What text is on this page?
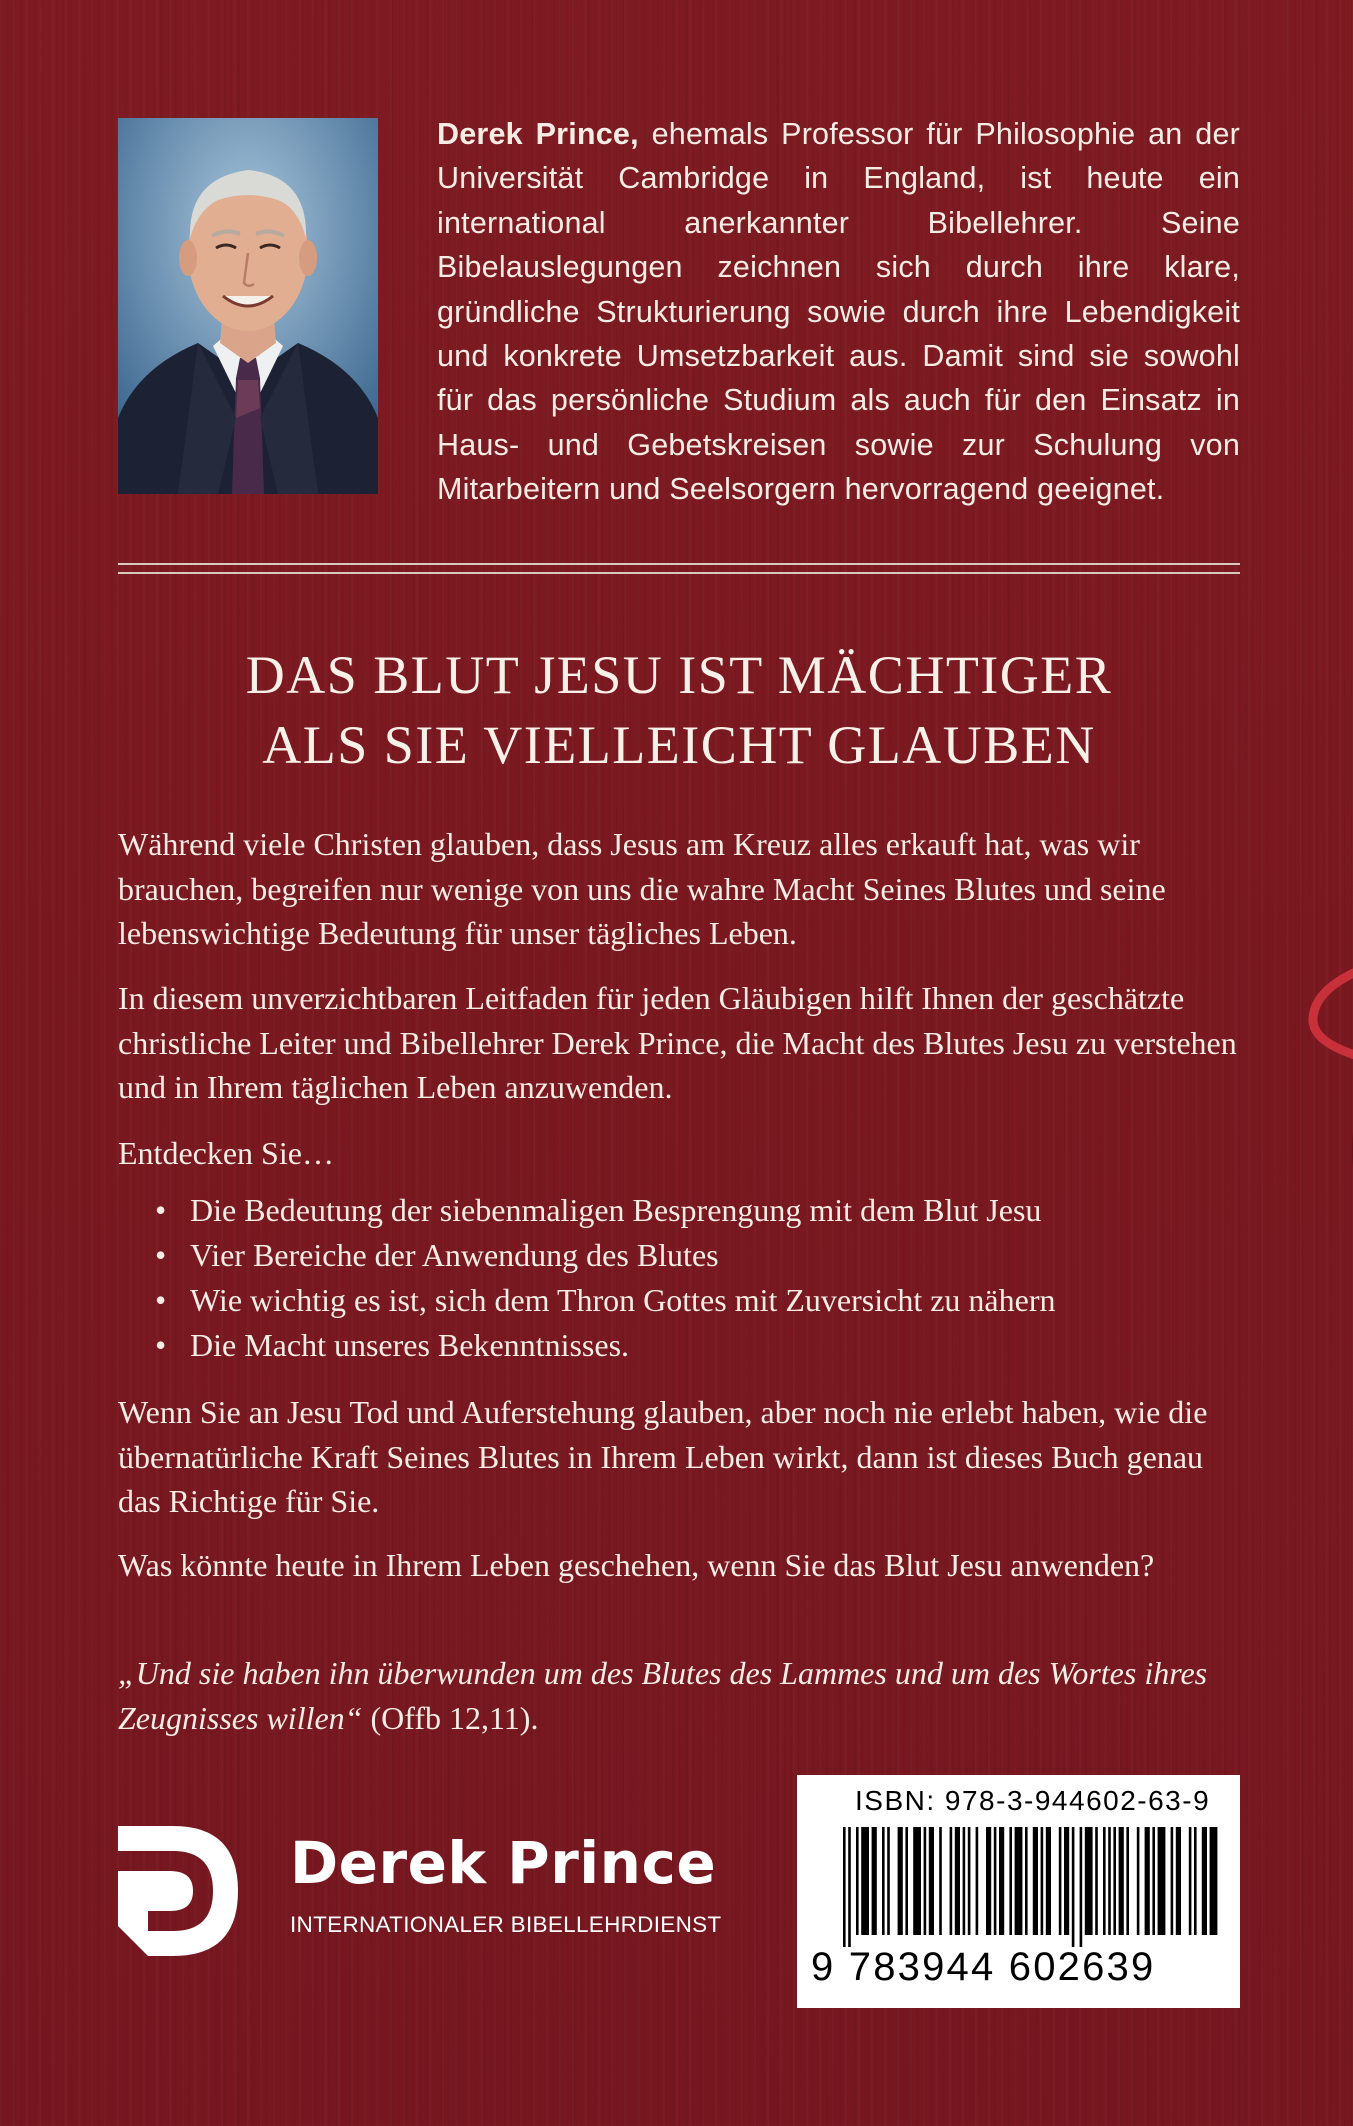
Derek Prince, ehemals Professor für Philosophie an der Universität Cambridge in England, ist heute ein international anerkannter Bibellehrer. Seine Bibelauslegungen zeichnen sich durch ihre klare, gründliche Strukturierung sowie durch ihre Lebendigkeit und konkrete Umsetzbarkeit aus. Damit sind sie sowohl für das persönliche Studium als auch für den Einsatz in Haus- und Gebetskreisen sowie zur Schulung von Mitarbeitern und Seelsorgern hervorragend geeignet.
DAS BLUT JESU IST MÄCHTIGER
ALS SIE VIELLEICHT GLAUBEN
Während viele Christen glauben, dass Jesus am Kreuz alles erkauft hat, was wir brauchen, begreifen nur wenige von uns die wahre Macht Seines Blutes und seine lebenswichtige Bedeutung für unser tägliches Leben.
In diesem unverzichtbaren Leitfaden für jeden Gläubigen hilft Ihnen der geschätzte christliche Leiter und Bibellehrer Derek Prince, die Macht des Blutes Jesu zu verstehen und in Ihrem täglichen Leben anzuwenden.
Entdecken Sie…
• Die Bedeutung der siebenmaligen Besprengung mit dem Blut Jesu
• Vier Bereiche der Anwendung des Blutes
• Wie wichtig es ist, sich dem Thron Gottes mit Zuversicht zu nähern
• Die Macht unseres Bekenntnisses.
Wenn Sie an Jesu Tod und Auferstehung glauben, aber noch nie erlebt haben, wie die übernatürliche Kraft Seines Blutes in Ihrem Leben wirkt, dann ist dieses Buch genau das Richtige für Sie.
Was könnte heute in Ihrem Leben geschehen, wenn Sie das Blut Jesu anwenden?
„Und sie haben ihn überwunden um des Blutes des Lammes und um des Wortes ihres Zeugnisses willen“ (Offb 12,11).
Derek Prince
INTERNATIONALER BIBELLEHRDIENST
ISBN: 978-3-944602-63-9
9 783944 602639
